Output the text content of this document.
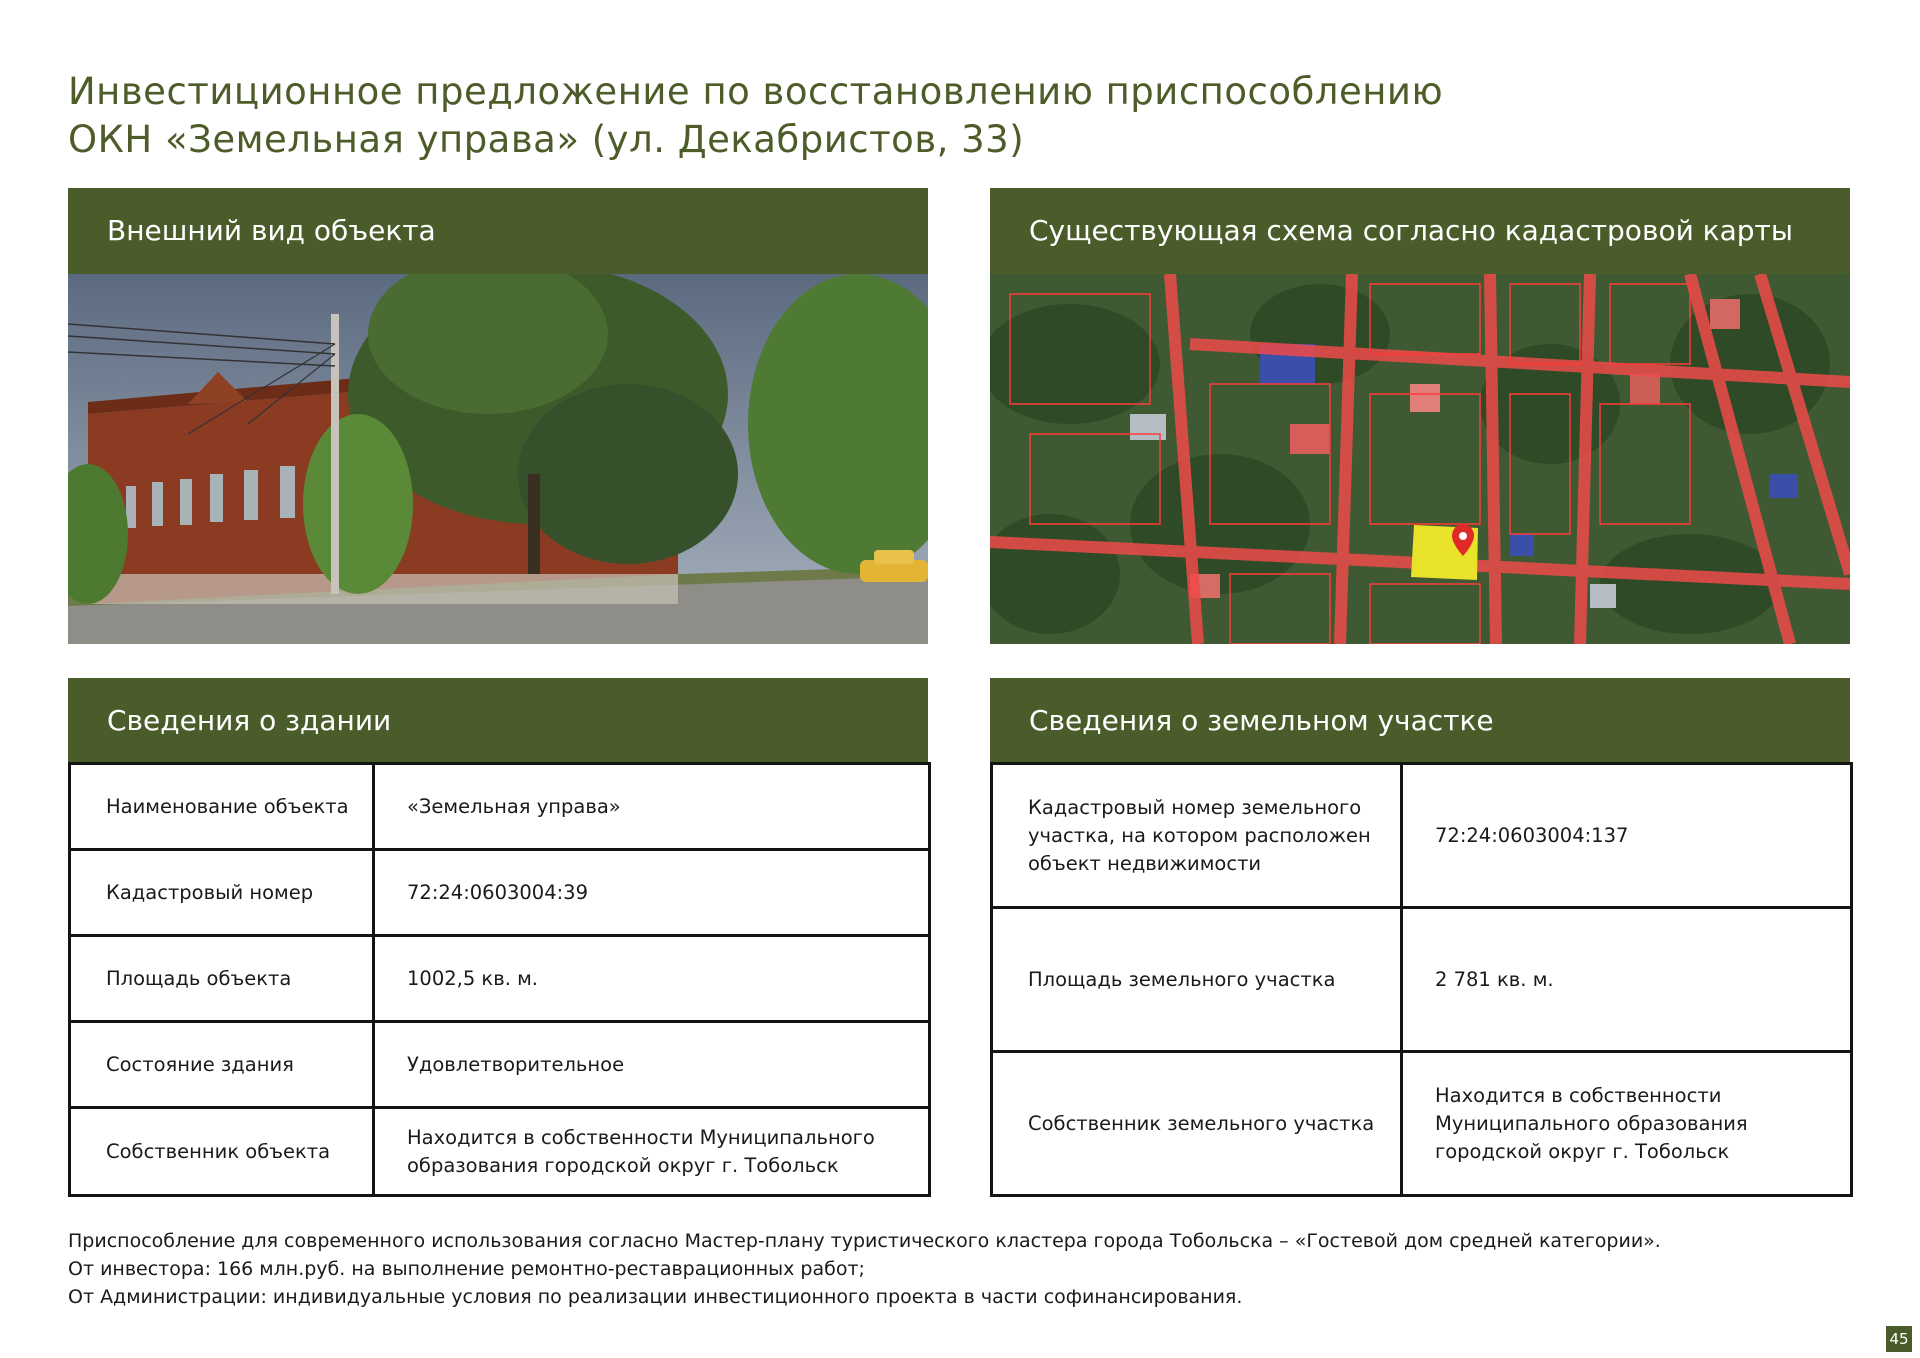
Инвестиционное предложение по восстановлению приспособлению
ОКН «Земельная управа» (ул. Декабристов, 33)
Внешний вид объекта	Существующая схема согласно кадастровой карты
Сведения о здании
Наименование объекта	«Земельная управа»
Кадастровый номер	72:24:0603004:39
Площадь объекта	1002,5 кв. м.
Состояние здания	Удовлетворительное
Собственник объекта	Находится в собственности Муниципального образования городской округ г. Тобольск
Сведения о земельном участке
Кадастровый номер земельного участка, на котором расположен объект недвижимости	72:24:0603004:137
Площадь земельного участка	2 781 кв. м.
Собственник земельного участка	Находится в собственности Муниципального образования городской округ г. Тобольск
Приспособление для современного использования согласно Мастер-плану туристического кластера города Тобольска – «Гостевой дом средней категории».
От инвестора: 166 млн.руб. на выполнение ремонтно-реставрационных работ;
От Администрации: индивидуальные условия по реализации инвестиционного проекта в части софинансирования.
45
